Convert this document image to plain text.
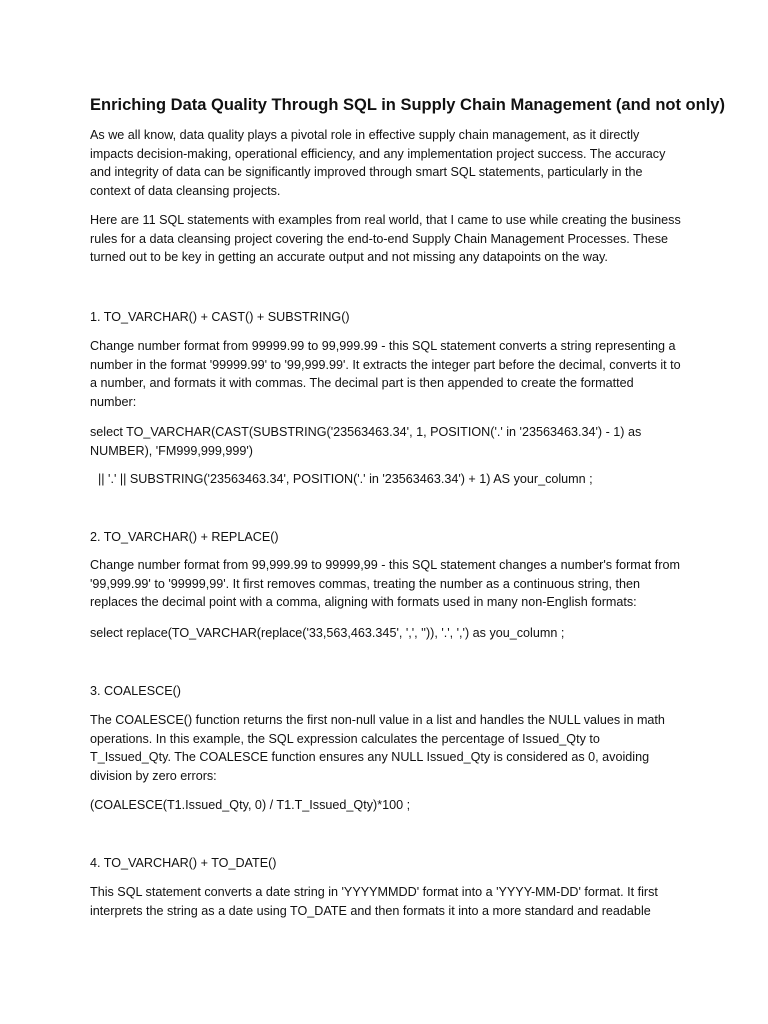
Enriching Data Quality Through SQL in Supply Chain Management (and not only)

As we all know, data quality plays a pivotal role in effective supply chain management, as it directly impacts decision-making, operational efficiency, and any implementation project success. The accuracy and integrity of data can be significantly improved through smart SQL statements, particularly in the context of data cleansing projects.

Here are 11 SQL statements with examples from real world, that I came to use while creating the business rules for a data cleansing project covering the end-to-end Supply Chain Management Processes. These turned out to be key in getting an accurate output and not missing any datapoints on the way.

1. TO_VARCHAR() + CAST() + SUBSTRING()

Change number format from 99999.99 to 99,999.99 - this SQL statement converts a string representing a number in the format '99999.99' to '99,999.99'. It extracts the integer part before the decimal, converts it to a number, and formats it with commas. The decimal part is then appended to create the formatted number:

select TO_VARCHAR(CAST(SUBSTRING('23563463.34', 1, POSITION('.' in '23563463.34') - 1) as NUMBER), 'FM999,999,999')

|| '.' || SUBSTRING('23563463.34', POSITION('.' in '23563463.34') + 1) AS your_column ;

2. TO_VARCHAR() + REPLACE()

Change number format from 99,999.99 to 99999,99 - this SQL statement changes a number's format from '99,999.99' to '99999,99'. It first removes commas, treating the number as a continuous string, then replaces the decimal point with a comma, aligning with formats used in many non-English formats:

select replace(TO_VARCHAR(replace('33,563,463.345', ',', '')), '.', ',') as you_column ;

3. COALESCE()

The COALESCE() function returns the first non-null value in a list and handles the NULL values in math operations. In this example, the SQL expression calculates the percentage of Issued_Qty to T_Issued_Qty. The COALESCE function ensures any NULL Issued_Qty is considered as 0, avoiding division by zero errors:

(COALESCE(T1.Issued_Qty, 0) / T1.T_Issued_Qty)*100 ;

4. TO_VARCHAR() + TO_DATE()

This SQL statement converts a date string in 'YYYYMMDD' format into a 'YYYY-MM-DD' format. It first interprets the string as a date using TO_DATE and then formats it into a more standard and readable
